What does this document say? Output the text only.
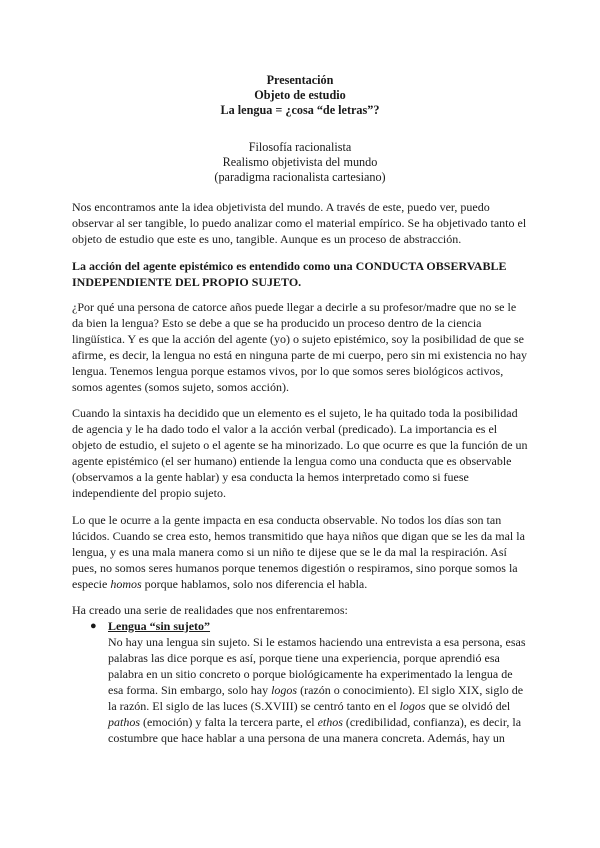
Presentación
Objeto de estudio
La lengua = ¿cosa “de letras”?
Filosofía racionalista
Realismo objetivista del mundo
(paradigma racionalista cartesiano)
Nos encontramos ante la idea objetivista del mundo. A través de este, puedo ver, puedo observar al ser tangible, lo puedo analizar como el material empírico. Se ha objetivado tanto el objeto de estudio que este es uno, tangible. Aunque es un proceso de abstracción.
La acción del agente epistémico es entendido como una CONDUCTA OBSERVABLE INDEPENDIENTE DEL PROPIO SUJETO.
¿Por qué una persona de catorce años puede llegar a decirle a su profesor/madre que no se le da bien la lengua? Esto se debe a que se ha producido un proceso dentro de la ciencia lingüística. Y es que la acción del agente (yo) o sujeto epistémico, soy la posibilidad de que se afirme, es decir, la lengua no está en ninguna parte de mi cuerpo, pero sin mi existencia no hay lengua. Tenemos lengua porque estamos vivos, por lo que somos seres biológicos activos, somos agentes (somos sujeto, somos acción).
Cuando la sintaxis ha decidido que un elemento es el sujeto, le ha quitado toda la posibilidad de agencia y le ha dado todo el valor a la acción verbal (predicado). La importancia es el objeto de estudio, el sujeto o el agente se ha minorizado. Lo que ocurre es que la función de un agente epistémico (el ser humano) entiende la lengua como una conducta que es observable (observamos a la gente hablar) y esa conducta la hemos interpretado como si fuese independiente del propio sujeto.
Lo que le ocurre a la gente impacta en esa conducta observable. No todos los días son tan lúcidos. Cuando se crea esto, hemos transmitido que haya niños que digan que se les da mal la lengua, y es una mala manera como si un niño te dijese que se le da mal la respiración. Así pues, no somos seres humanos porque tenemos digestión o respiramos, sino porque somos la especie homos porque hablamos, solo nos diferencia el habla.
Ha creado una serie de realidades que nos enfrentaremos:
● Lengua “sin sujeto”
No hay una lengua sin sujeto. Si le estamos haciendo una entrevista a esa persona, esas palabras las dice porque es así, porque tiene una experiencia, porque aprendió esa palabra en un sitio concreto o porque biológicamente ha experimentado la lengua de esa forma. Sin embargo, solo hay logos (razón o conocimiento). El siglo XIX, siglo de la razón. El siglo de las luces (S.XVIII) se centró tanto en el logos que se olvidó del pathos (emoción) y falta la tercera parte, el ethos (credibilidad, confianza), es decir, la costumbre que hace hablar a una persona de una manera concreta. Además, hay un
